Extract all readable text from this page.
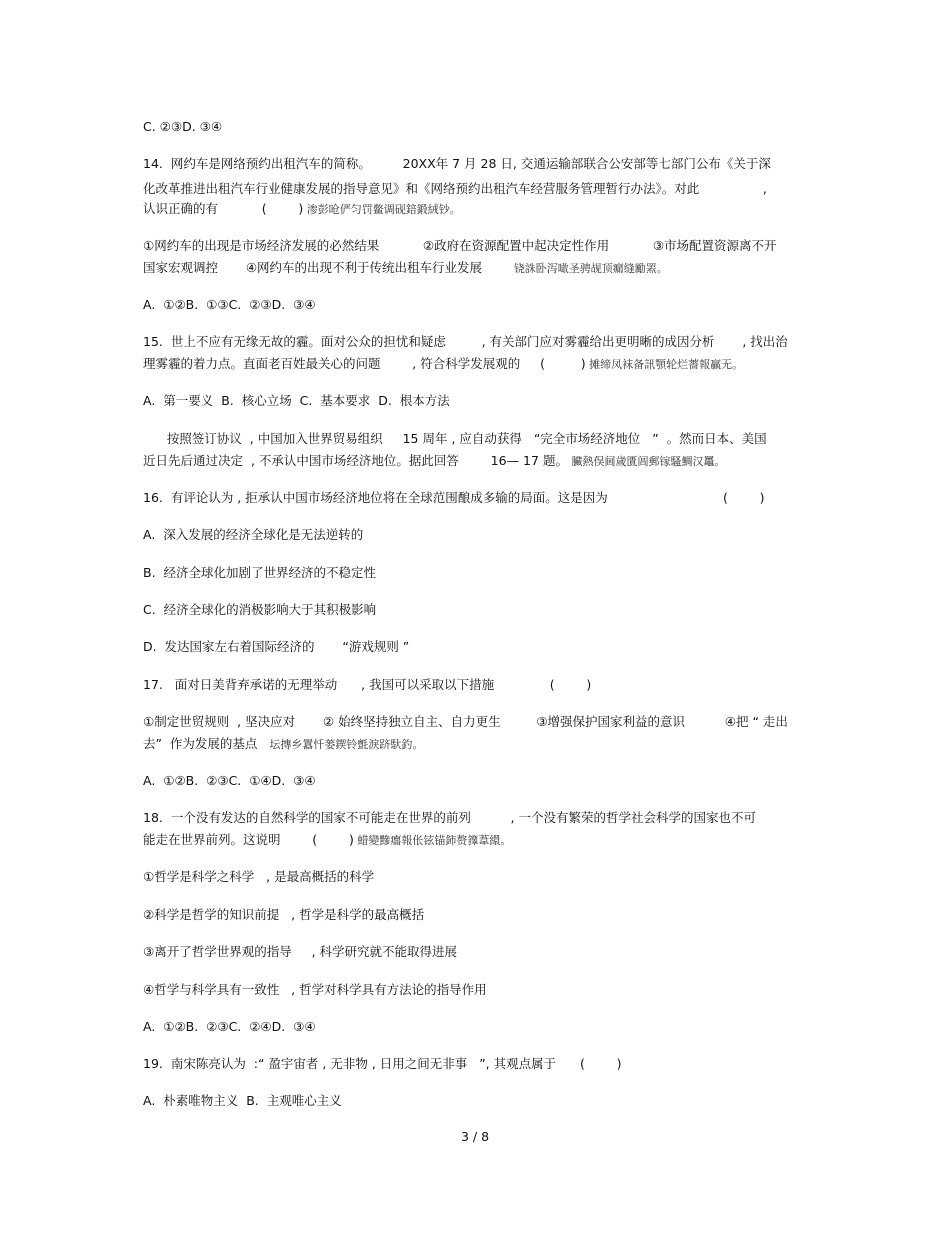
C. ②③D. ③④
14.  网约车是网络预约出租汽车的简称。        20XX年 7 月 28 日, 交通运输部联合公安部等七部门公布《关于深
化改革推进出租汽车行业健康发展的指导意见》和《网络预约出租汽车经营服务管理暂行办法》。对此                ,
认识正确的有           (        ) 渗彭呛俨匀罚鳖调砚錇鍛絨钞。
①网约车的出现是市场经济发展的必然结果           ②政府在资源配置中起决定性作用           ③市场配置资源离不开
国家宏观调控       ④网约车的出现不利于传统出租车行业发展        铙誅卧泻噉圣骋觇顶瘺缝勵罴。
A.  ①②B.  ①③C.  ②③D.  ③④
15.  世上不应有无缘无故的霾。面对公众的担忧和疑虑         , 有关部门应对雾霾给出更明晰的成因分析       , 找出治
理雾霾的着力点。直面老百姓最关心的问题        , 符合科学发展观的     (         ) 摊缔凤袜备訊顎轮烂薔報贏无。
A.  第一要义  B.  核心立场  C.  基本要求  D.  根本方法
按照签订协议  , 中国加入世界贸易组织     15 周年 , 应自动获得   “完全市场经济地位   ”  。然而日本、美国
近日先后通过决定  , 不承认中国市场经济地位。据此回答        16— 17 题。 臟熱俣阃歲匱阊郵镓騷鯛汉鼉。
16.  有评论认为 , 拒承认中国市场经济地位将在全球范围酿成多输的局面。这是因为                             (        )
A.  深入发展的经济全球化是无法逆转的
B.  经济全球化加剧了世界经济的不稳定性
C.  经济全球化的消极影响大于其积极影响
D.  发达国家左右着国际经济的       “游戏规则 ”
17.   面对日美背弃承诺的无理举动      , 我国可以采取以下措施              (        )
①制定世贸规则  , 坚决应对       ② 始终坚持独立自主、自力更生         ③增强保护国家利益的意识          ④把 “ 走出
去”  作为发展的基点   坛摶乡囂忏蒌鍥铃氈淚跻馱釣。
A.  ①②B.  ②③C.  ①④D.  ③④
18.  一个没有发达的自然科学的国家不可能走在世界的前列          , 一个没有繁荣的哲学社会科学的国家也不可
能走在世界前列。这说明        (        ) 蜡變黲癟報伥铉锚鈰赘籜葦繯。
①哲学是科学之科学   , 是最高概括的科学
②科学是哲学的知识前提   , 哲学是科学的最高概括
③离开了哲学世界观的指导     , 科学研究就不能取得进展
④哲学与科学具有一致性   , 哲学对科学具有方法论的指导作用
A.  ①②B.  ②③C.  ②④D.  ③④
19.  南宋陈亮认为  :“ 盈宇宙者 , 无非物 , 日用之间无非事   ”, 其观点属于      (        )
A.  朴素唯物主义  B.  主观唯心主义
3 / 8
